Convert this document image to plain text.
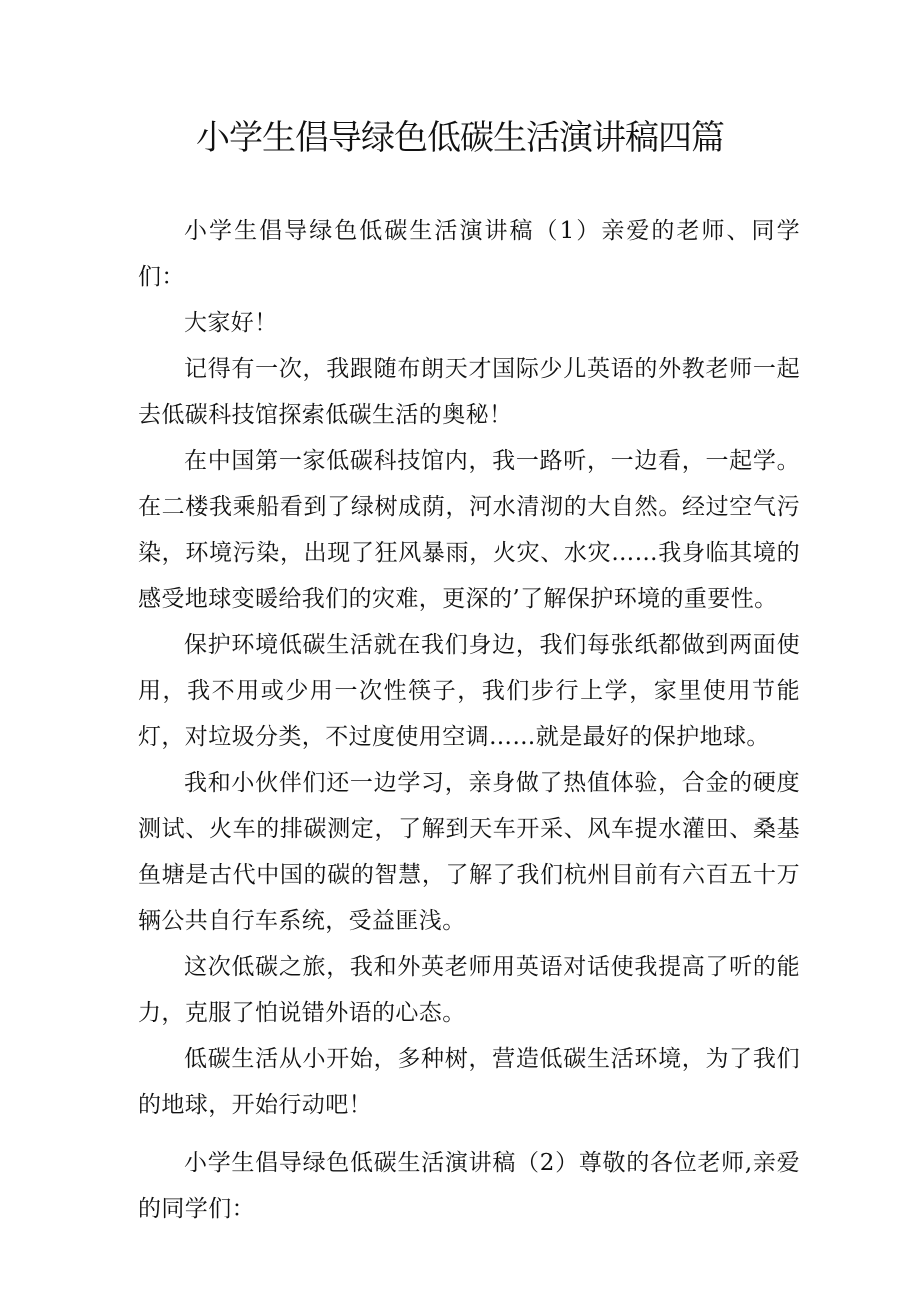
小学生倡导绿色低碳生活演讲稿四篇

小学生倡导绿色低碳生活演讲稿（1）亲爱的老师、同学们：

大家好！

记得有一次，我跟随布朗天才国际少儿英语的外教老师一起去低碳科技馆探索低碳生活的奥秘！

在中国第一家低碳科技馆内，我一路听，一边看，一起学。在二楼我乘船看到了绿树成荫，河水清沏的大自然。经过空气污染，环境污染，出现了狂风暴雨，火灾、水灾……我身临其境的感受地球变暖给我们的灾难，更深的’了解保护环境的重要性。

保护环境低碳生活就在我们身边，我们每张纸都做到两面使用，我不用或少用一次性筷子，我们步行上学，家里使用节能灯，对垃圾分类，不过度使用空调……就是最好的保护地球。

我和小伙伴们还一边学习，亲身做了热值体验，合金的硬度测试、火车的排碳测定，了解到天车开采、风车提水灌田、桑基鱼塘是古代中国的碳的智慧，了解了我们杭州目前有六百五十万辆公共自行车系统，受益匪浅。

这次低碳之旅，我和外英老师用英语对话使我提高了听的能力，克服了怕说错外语的心态。

低碳生活从小开始，多种树，营造低碳生活环境，为了我们的地球，开始行动吧！

小学生倡导绿色低碳生活演讲稿（2）尊敬的各位老师,亲爱的同学们：
